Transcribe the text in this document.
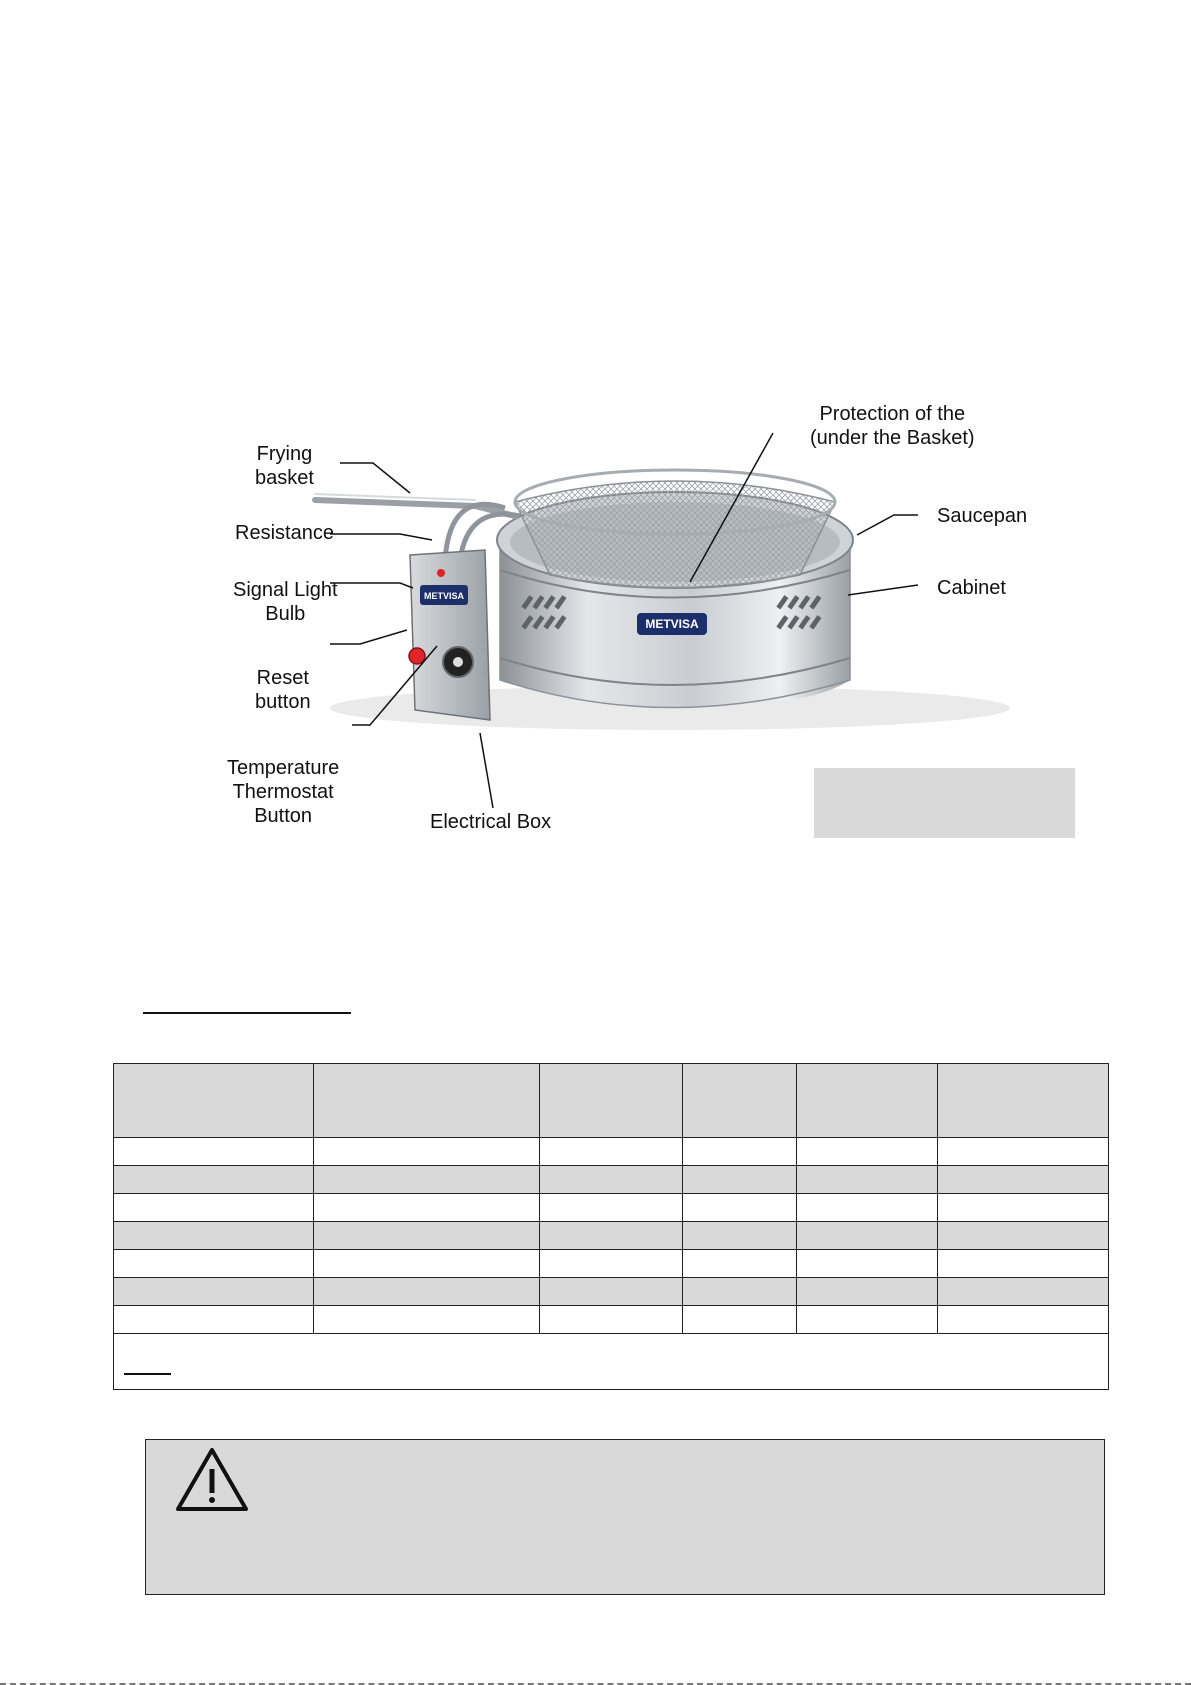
METVISA
METVISA
Frying
basket
Resistance
Signal Light
Bulb
Reset
button
Temperature
Thermostat
Button	Electrical Box
Protection of the
(under the Basket)
Saucepan
Cabinet
